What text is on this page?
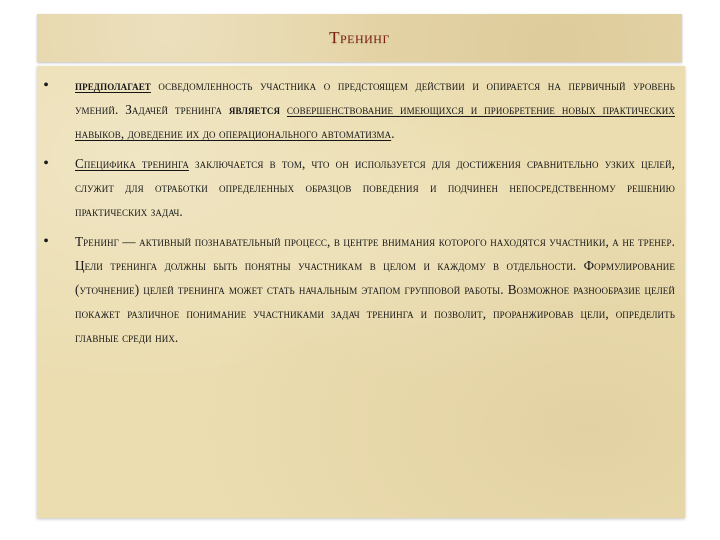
Тренинг
•	предполагает осведомленность участника о предстоящем действии и опирается на первичный уровень умений. Задачей тренинга является совершенствование имеющихся и приобретение новых практических навыков, доведение их до операционального автоматизма.
•	Специфика тренинга заключается в том, что он используется для достижения сравнительно узких целей, служит для отработки определенных образцов поведения и подчинен непосредственному решению практических задач.
•	Тренинг — активный познавательный процесс, в центре внимания которого находятся участники, а не тренер. Цели тренинга должны быть понятны участникам в целом и каждому в отдельности. Формулирование (уточнение) целей тренинга может стать начальным этапом групповой работы. Возможное разнообразие целей покажет различное понимание участниками задач тренинга и позволит, проранжировав цели, определить главные среди них.
